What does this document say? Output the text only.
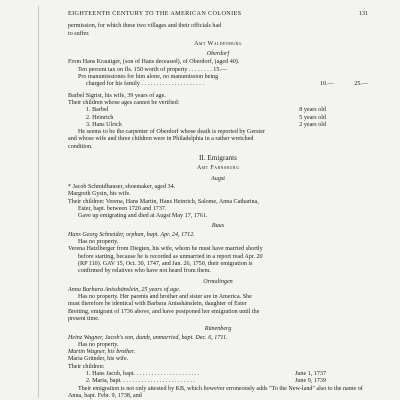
EIGHTEENTH CENTURY TO THE AMERICAN COLONIES	131

permission, for which these two villages and their officials had

to suffer.

Amt Waldenburg

Oberdorf

From Hans Krautiger, (son of Hans deceased), of Oberdorf, (aged 40).

Ten percent tax on fls. 150 worth of property . . . . . . . . 15.—

Pro manumissiones for him alone, no manumission being

charged for his family . . . . . . . . . . . . . . . . . . . . .	10.—	25.—

Barbel Sigrist, his wife, 39 years of age.

Their children whose ages cannot be verified:

1. Barbel	8 years old
2. Heinrich	5 years old
3. Hans Ulrich	2 years old

He seems to be the carpenter of Oberdorf whose death is reported by Gerster

and whose wife and three children were in Philadelphia in a rather wretched

condition.

II. Emigrants

Amt Farnsburg

Augst

* Jacob Schmidhauser, shoemaker, aged 34.

Margreth Gysin, his wife.

Their children: Verena, Hans Martin, Hans Heinrich, Salome, Anna Catharina,

Ester, bapt. between 1720 and 1737.

Gave up emigrating and died at Augst May 17, 1761.

Buus

Hans Georg Schneider, orphan, bapt. Apr. 24, 1712.

Has no property.

Verena Hatzlberger from Diegten, his wife, whom he must have married shortly

before starting, because he is recorded as unmarried in a report read Apr. 20

(RP 110). GAV 15, Oct. 30, 1747, and Jan. 26, 1750, their emigration is

confirmed by relatives who have not heard from them.

Ormalingen

Anna Barbara Anisshänslein, 25 years of age.

Has no property. Her parents and brother and sister are in America. She

must therefore be identical with Barbara Anisshänslein, daughter of Ester

Breiting, emigrant of 1736 above, and have postponed her emigration until the

present time.

Rünenberg

Heinz Wagner, Jacob's son, dumb, unmarried, bapt. Dec. 6, 1711.

Has no property.

Martin Wagner, his brother.

Maria Gründer, his wife.

Their children:

1. Hans Jacob, bapt. . . . . . . . . . . . . . . . . . . . . .	June 1, 1737
2. Maria, bapt. . . . . . . . . . . . . . . . . . . . . . . . .	June 9, 1739

Their emigration is not only attested by KB, which however erroneously adds "To the New-land" also to the name of Anna, bapt. Febr. 9, 1738, and
